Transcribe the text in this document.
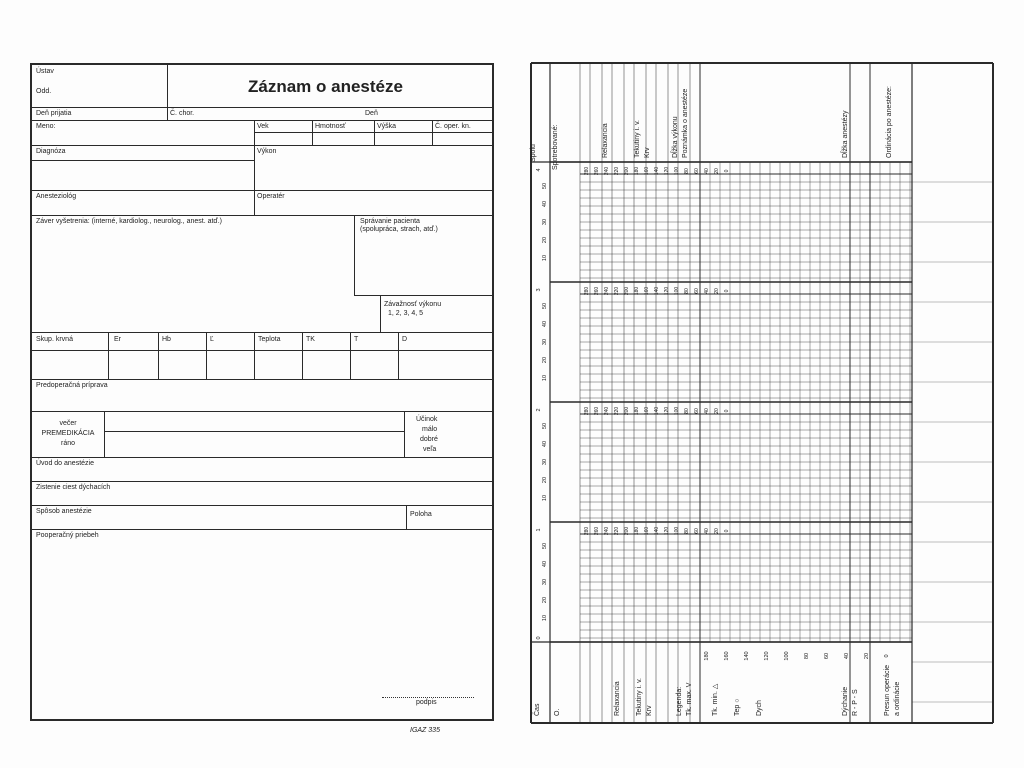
Ústav
Odd.	Záznam o anestéze
Deň prijatia	Č. chor.	Deň
Meno:	Vek	Hmotnosť	Výška	Č. oper. kn.
Diagnóza	Výkon
Anesteziológ	Operatér
Záver vyšetrenia: (interné, kardiolog., neurolog., anest. atď.)	Správanie pacienta
(spolupráca, strach, atď.)
Závažnosť výkonu
1, 2, 3, 4, 5
Skup. krvná	Er	Hb	Ľ	Teplota	TK	T	D
Predoperačná príprava
večer
PREMEDIKÁCIA
ráno
Účinok
málo
dobré
veľa
Úvod do anestézie
Zistenie ciest dýchacích
Spôsob anestézie	Poloha
Pooperačný priebeh
podpis
IGAZ 335
280 260 240 220 200 180 160 140 120 100 80 60 40 20 0
50
40
30
20
10
4
280 260 240 220 200 180 160 140 120 100 80 60 40 20 0
50
40
30
20
10
3
280 260 240 220 200 180 160 140 120 100 80 60 40 20 0
50
40
30
20
10
2
280 260 240 220 200 180 160 140 120 100 80 60 40 20 0
50
40
30
20
10
1
0
180	160	140	120	100	80	60	40	20	0
Spolu Spotrebované:	Relaxancia	Tekutiny i. v. Krv	Dĺžka výkonu Poznámka o anestéze	Dĺžka anestézy	Ordinácia po anestéze:
Čas O.	Relaxancia Tekutiny i. v. Krv	Legenda: Tk. max. V	Tk. min. △ Tep ○ Dych	Dýchanie R - P - S	Presun operácie a ordinácie
